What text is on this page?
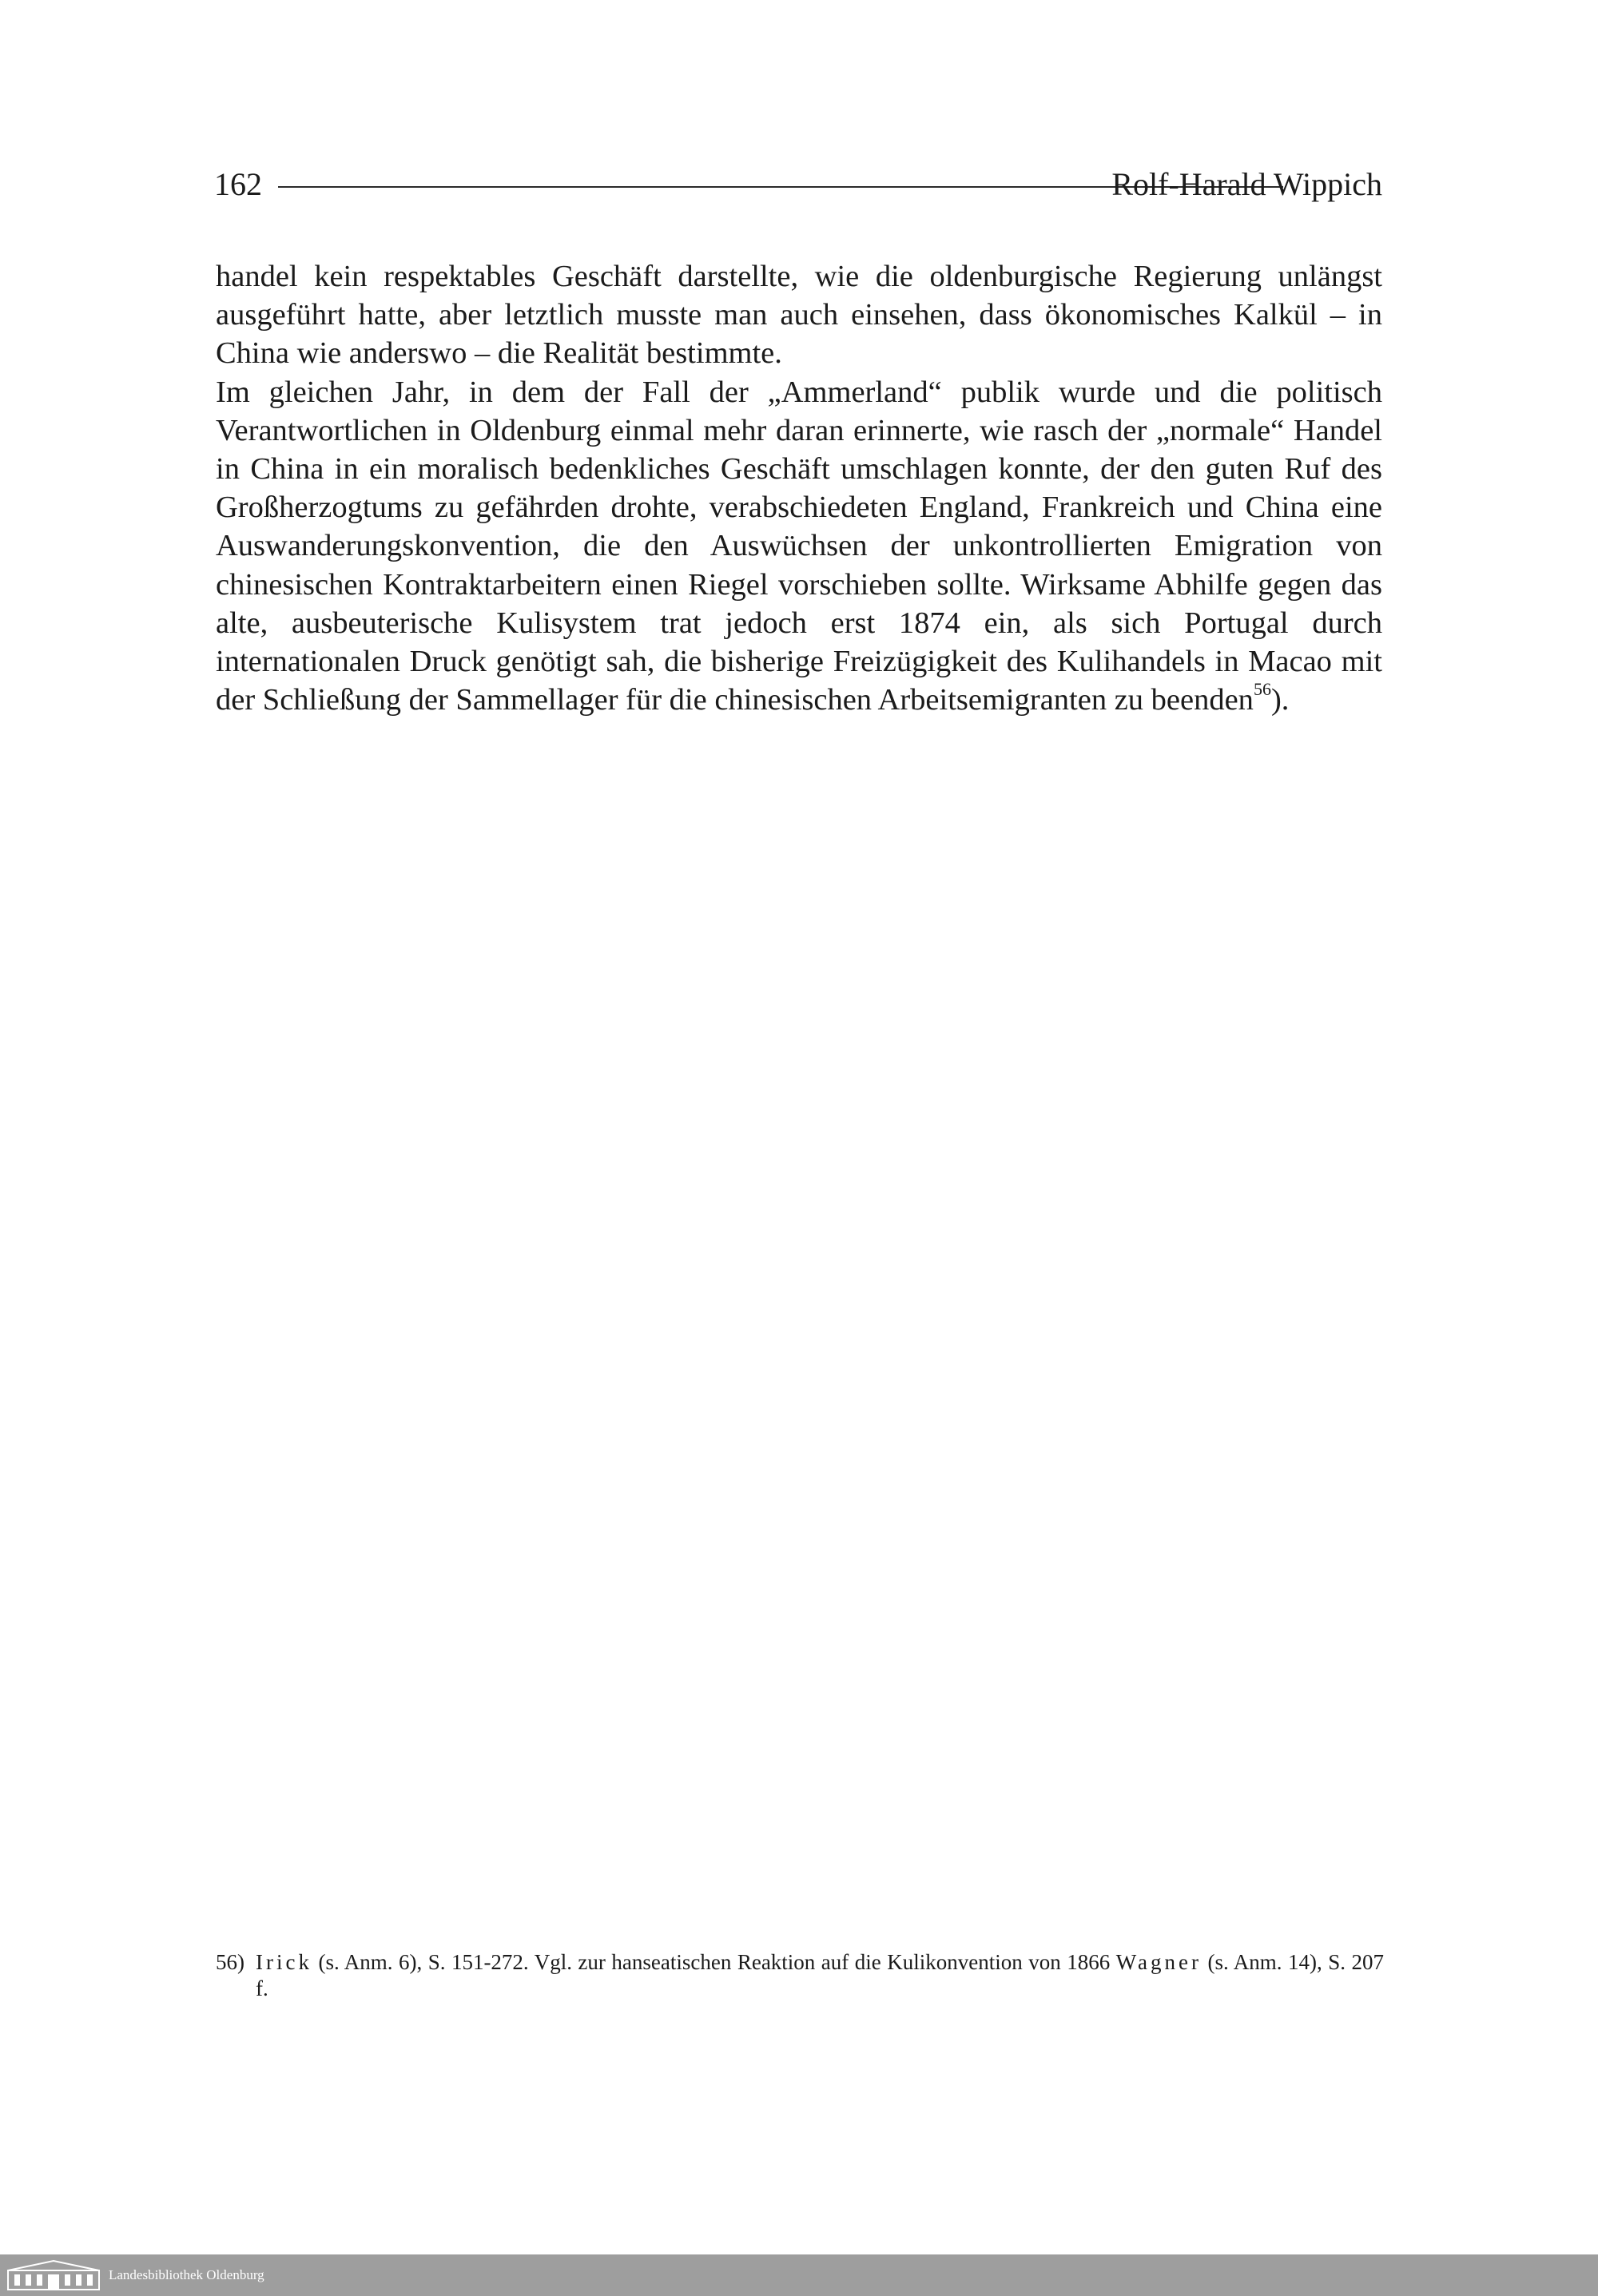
162	Rolf-Harald Wippich

handel kein respektables Geschäft darstellte, wie die oldenburgische Regierung unlängst ausgeführt hatte, aber letztlich musste man auch einsehen, dass ökonomisches Kalkül – in China wie anderswo – die Realität bestimmte.

Im gleichen Jahr, in dem der Fall der „Ammerland“ publik wurde und die politisch Verantwortlichen in Oldenburg einmal mehr daran erinnerte, wie rasch der „normale“ Handel in China in ein moralisch bedenkliches Geschäft umschlagen konnte, der den guten Ruf des Großherzogtums zu gefährden drohte, verabschiedeten England, Frankreich und China eine Auswanderungskonvention, die den Auswüchsen der unkontrollierten Emigration von chinesischen Kontraktarbeitern einen Riegel vorschieben sollte. Wirksame Abhilfe gegen das alte, ausbeuterische Kulisystem trat jedoch erst 1874 ein, als sich Portugal durch internationalen Druck genötigt sah, die bisherige Freizügigkeit des Kulihandels in Macao mit der Schließung der Sammellager für die chinesischen Arbeitsemigranten zu beenden$^{56}$).

56) Irick (s. Anm. 6), S. 151-272. Vgl. zur hanseatischen Reaktion auf die Kulikonvention von 1866 Wagner (s. Anm. 14), S. 207 f.
Landesbibliothek Oldenburg
